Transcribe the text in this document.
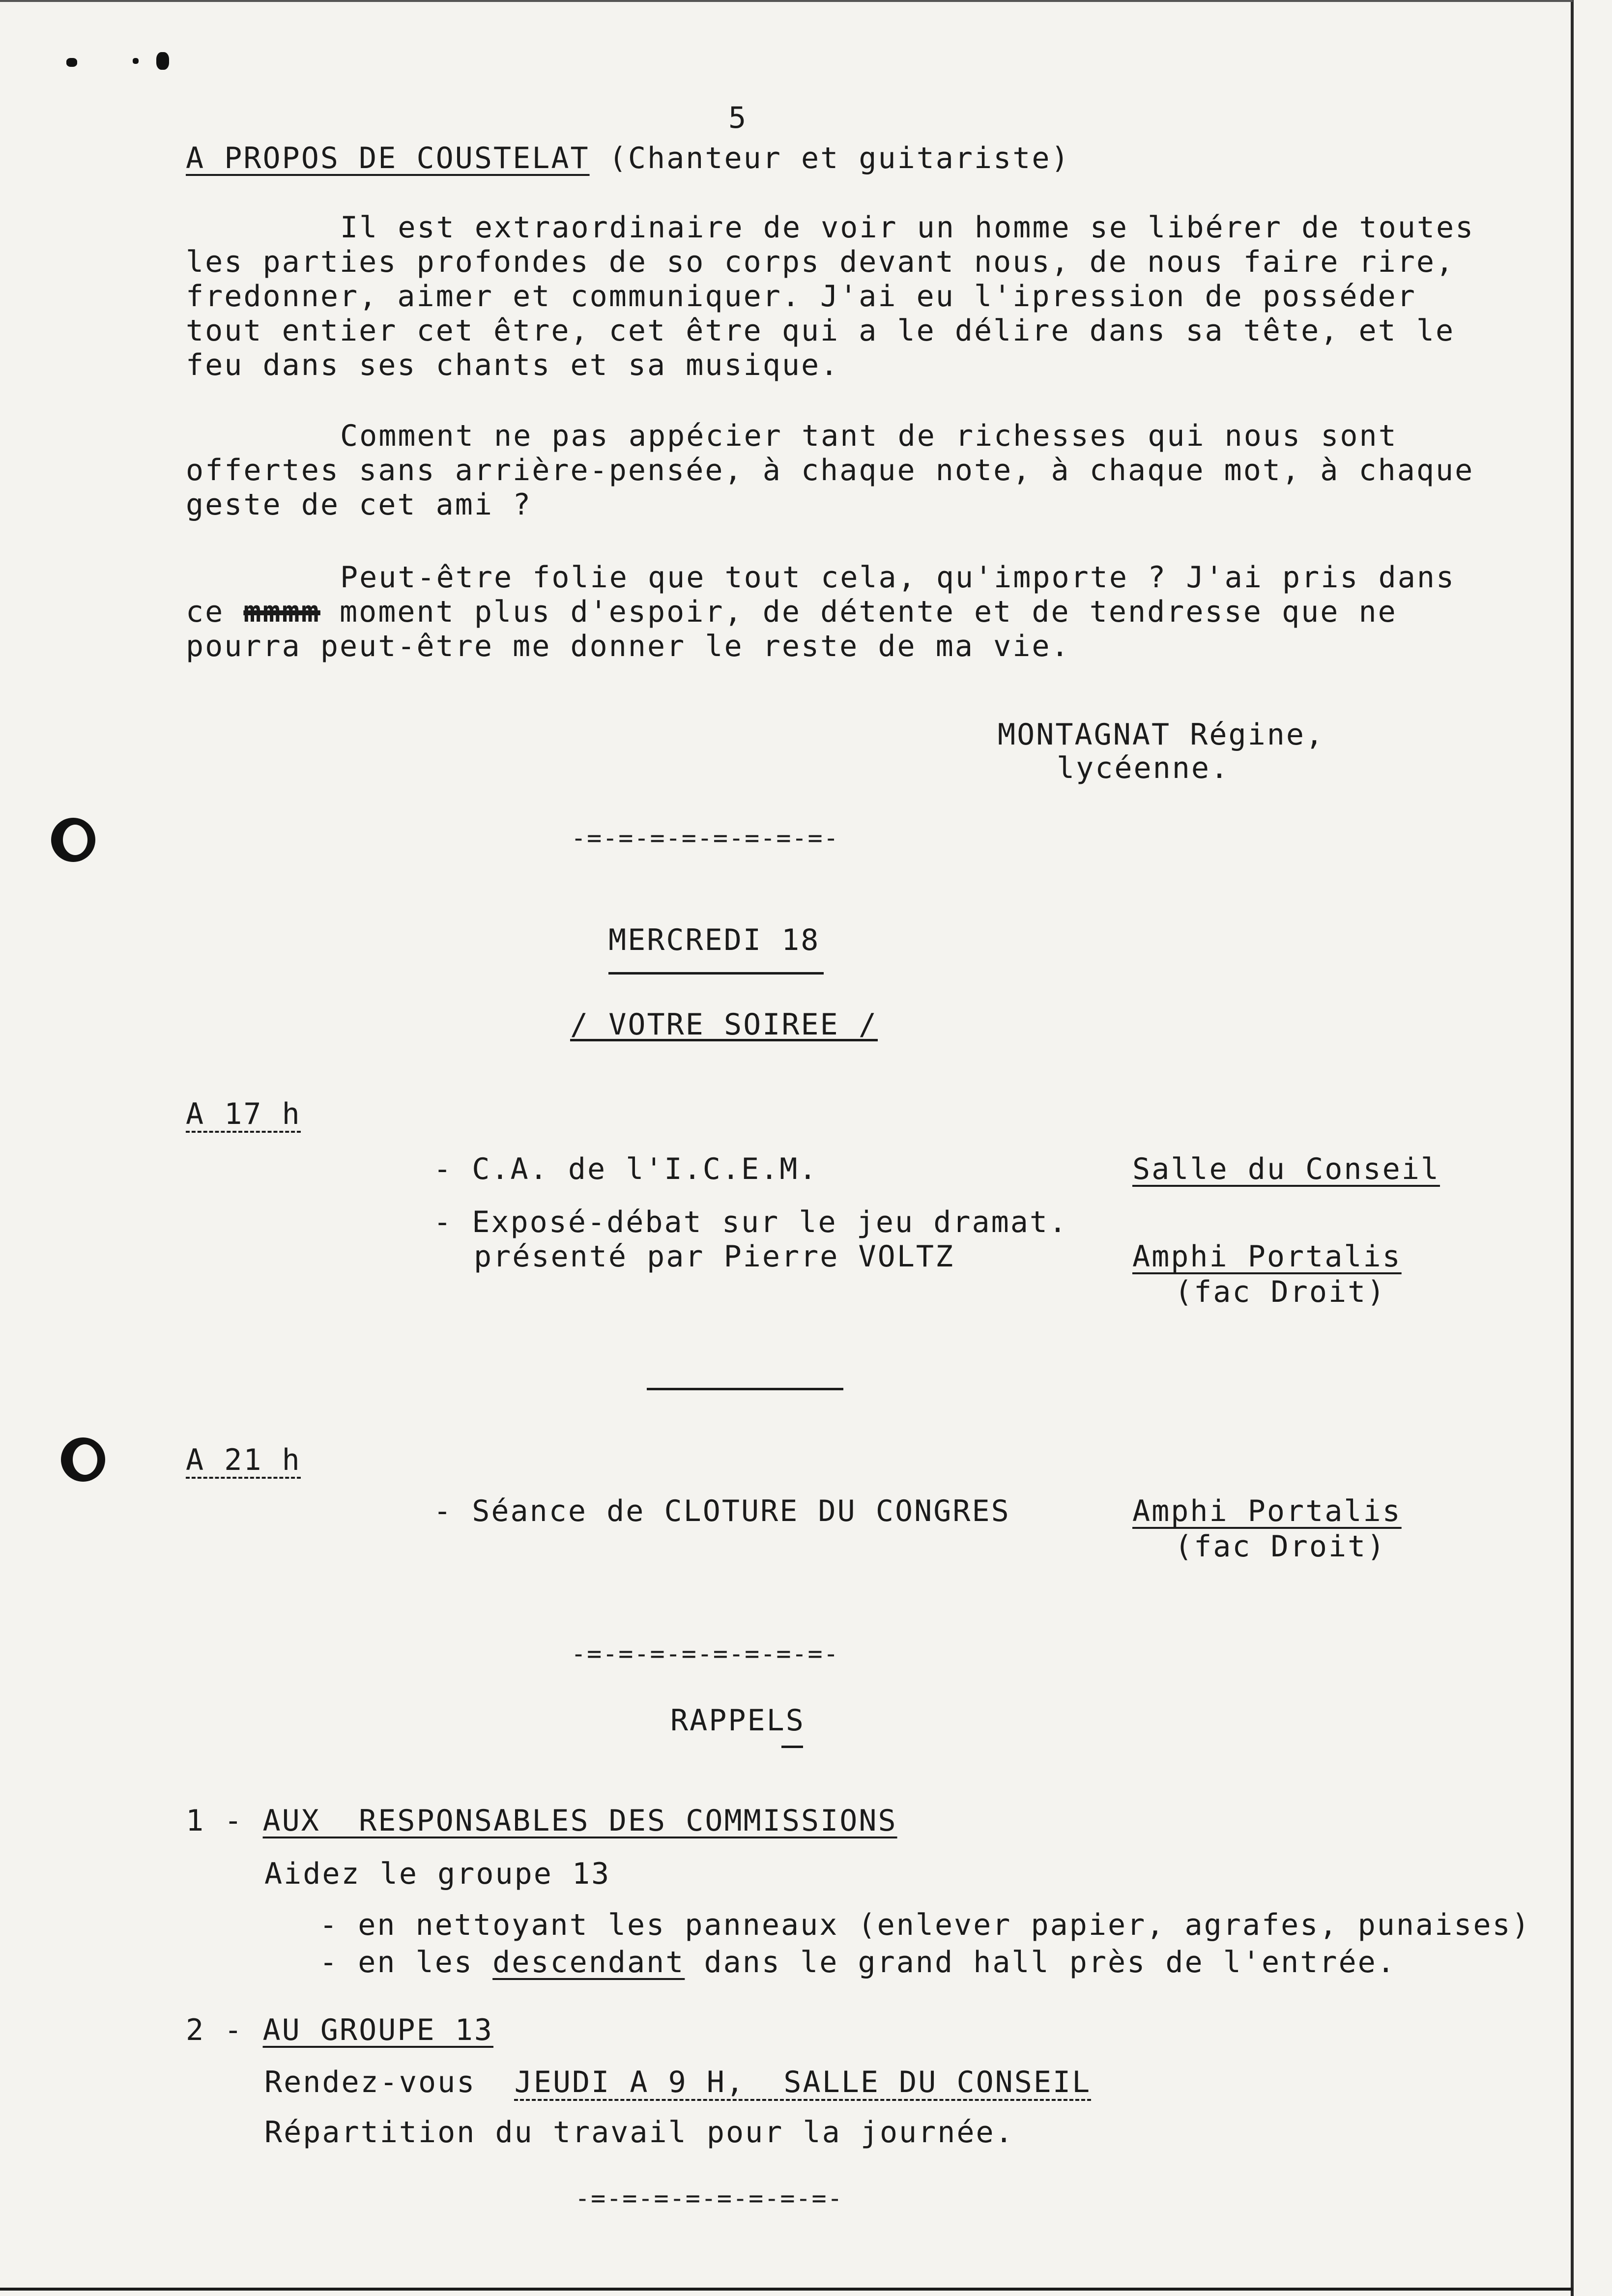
5
A PROPOS DE COUSTELAT (Chanteur et guitariste)
Il est extraordinaire de voir un homme se libérer de toutes
les parties profondes de so corps devant nous, de nous faire rire,
fredonner, aimer et communiquer. J'ai eu l'ipression de posséder
tout entier cet être, cet être qui a le délire dans sa tête, et le
feu dans ses chants et sa musique.
Comment ne pas appécier tant de richesses qui nous sont
offertes sans arrière-pensée, à chaque note, à chaque mot, à chaque
geste de cet ami ?
Peut-être folie que tout cela, qu'importe ? J'ai pris dans
ce mmmm moment plus d'espoir, de détente et de tendresse que ne
pourra peut-être me donner le reste de ma vie.
MONTAGNAT Régine,
lycéenne.
-=-=-=-=-=-=-=-=-
MERCREDI 18
/ VOTRE SOIREE /
A 17 h
- C.A. de l'I.C.E.M.	Salle du Conseil
- Exposé-débat sur le jeu dramat.
présenté par Pierre VOLTZ	Amphi Portalis
(fac Droit)
A 21 h
- Séance de CLOTURE DU CONGRES	Amphi Portalis
(fac Droit)
-=-=-=-=-=-=-=-=-
RAPPELS
1 - AUX  RESPONSABLES DES COMMISSIONS
Aidez le groupe 13
- en nettoyant les panneaux (enlever papier, agrafes, punaises)
- en les descendant dans le grand hall près de l'entrée.
2 - AU GROUPE 13
Rendez-vous  JEUDI A 9 H,  SALLE DU CONSEIL
Répartition du travail pour la journée.
-=-=-=-=-=-=-=-=-
